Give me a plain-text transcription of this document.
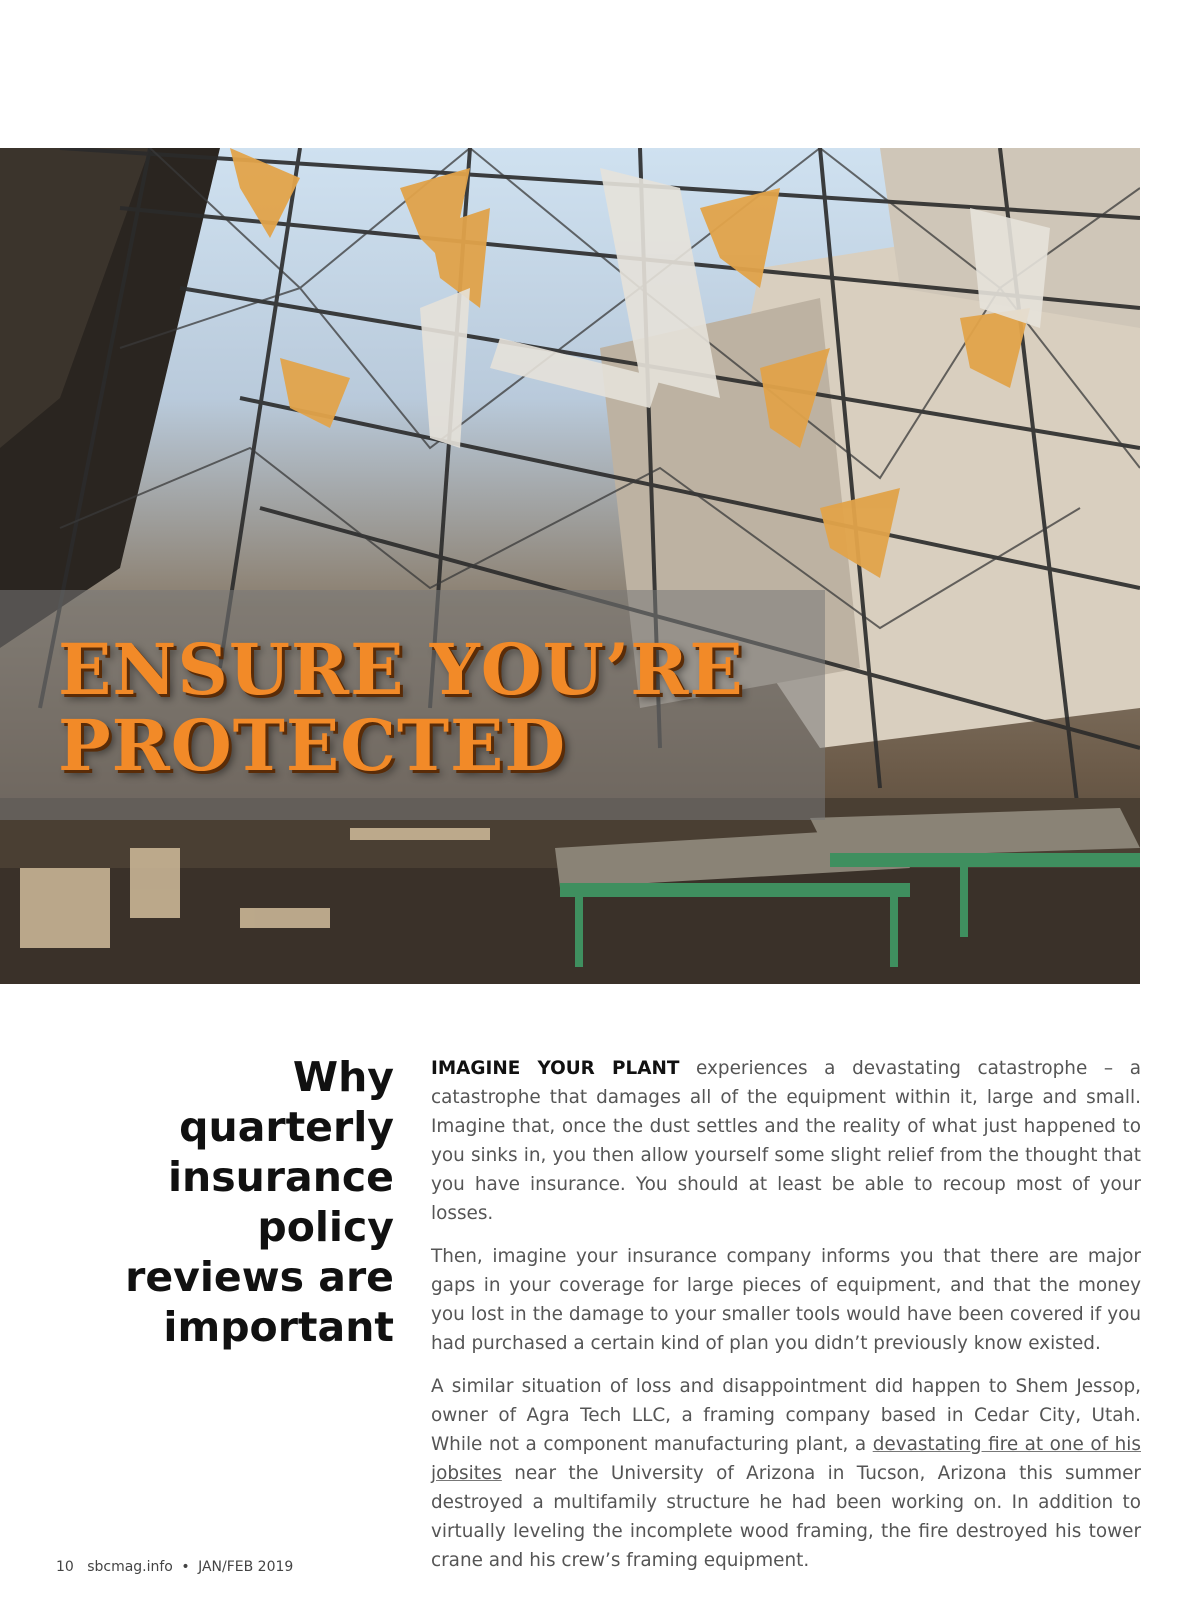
ENSURE YOU’RE
PROTECTED
Why quarterly
insurance policy
reviews are
important

IMAGINE YOUR PLANT experiences a devastating catastrophe – a catastrophe that damages all of the equipment within it, large and small. Imagine that, once the dust settles and the reality of what just happened to you sinks in, you then allow yourself some slight relief from the thought that you have insurance. You should at least be able to recoup most of your losses.

Then, imagine your insurance company informs you that there are major gaps in your coverage for large pieces of equipment, and that the money you lost in the damage to your smaller tools would have been covered if you had purchased a certain kind of plan you didn’t previously know existed.

A similar situation of loss and disappointment did happen to Shem Jessop, owner of Agra Tech LLC, a framing company based in Cedar City, Utah. While not a component manufacturing plant, a devastating fire at one of his jobsites near the University of Arizona in Tucson, Arizona this summer destroyed a multifamily structure he had been working on. In addition to virtually leveling the incomplete wood framing, the fire destroyed his tower crane and his crew’s framing equipment.

10 sbcmag.info • JAN/FEB 2019
